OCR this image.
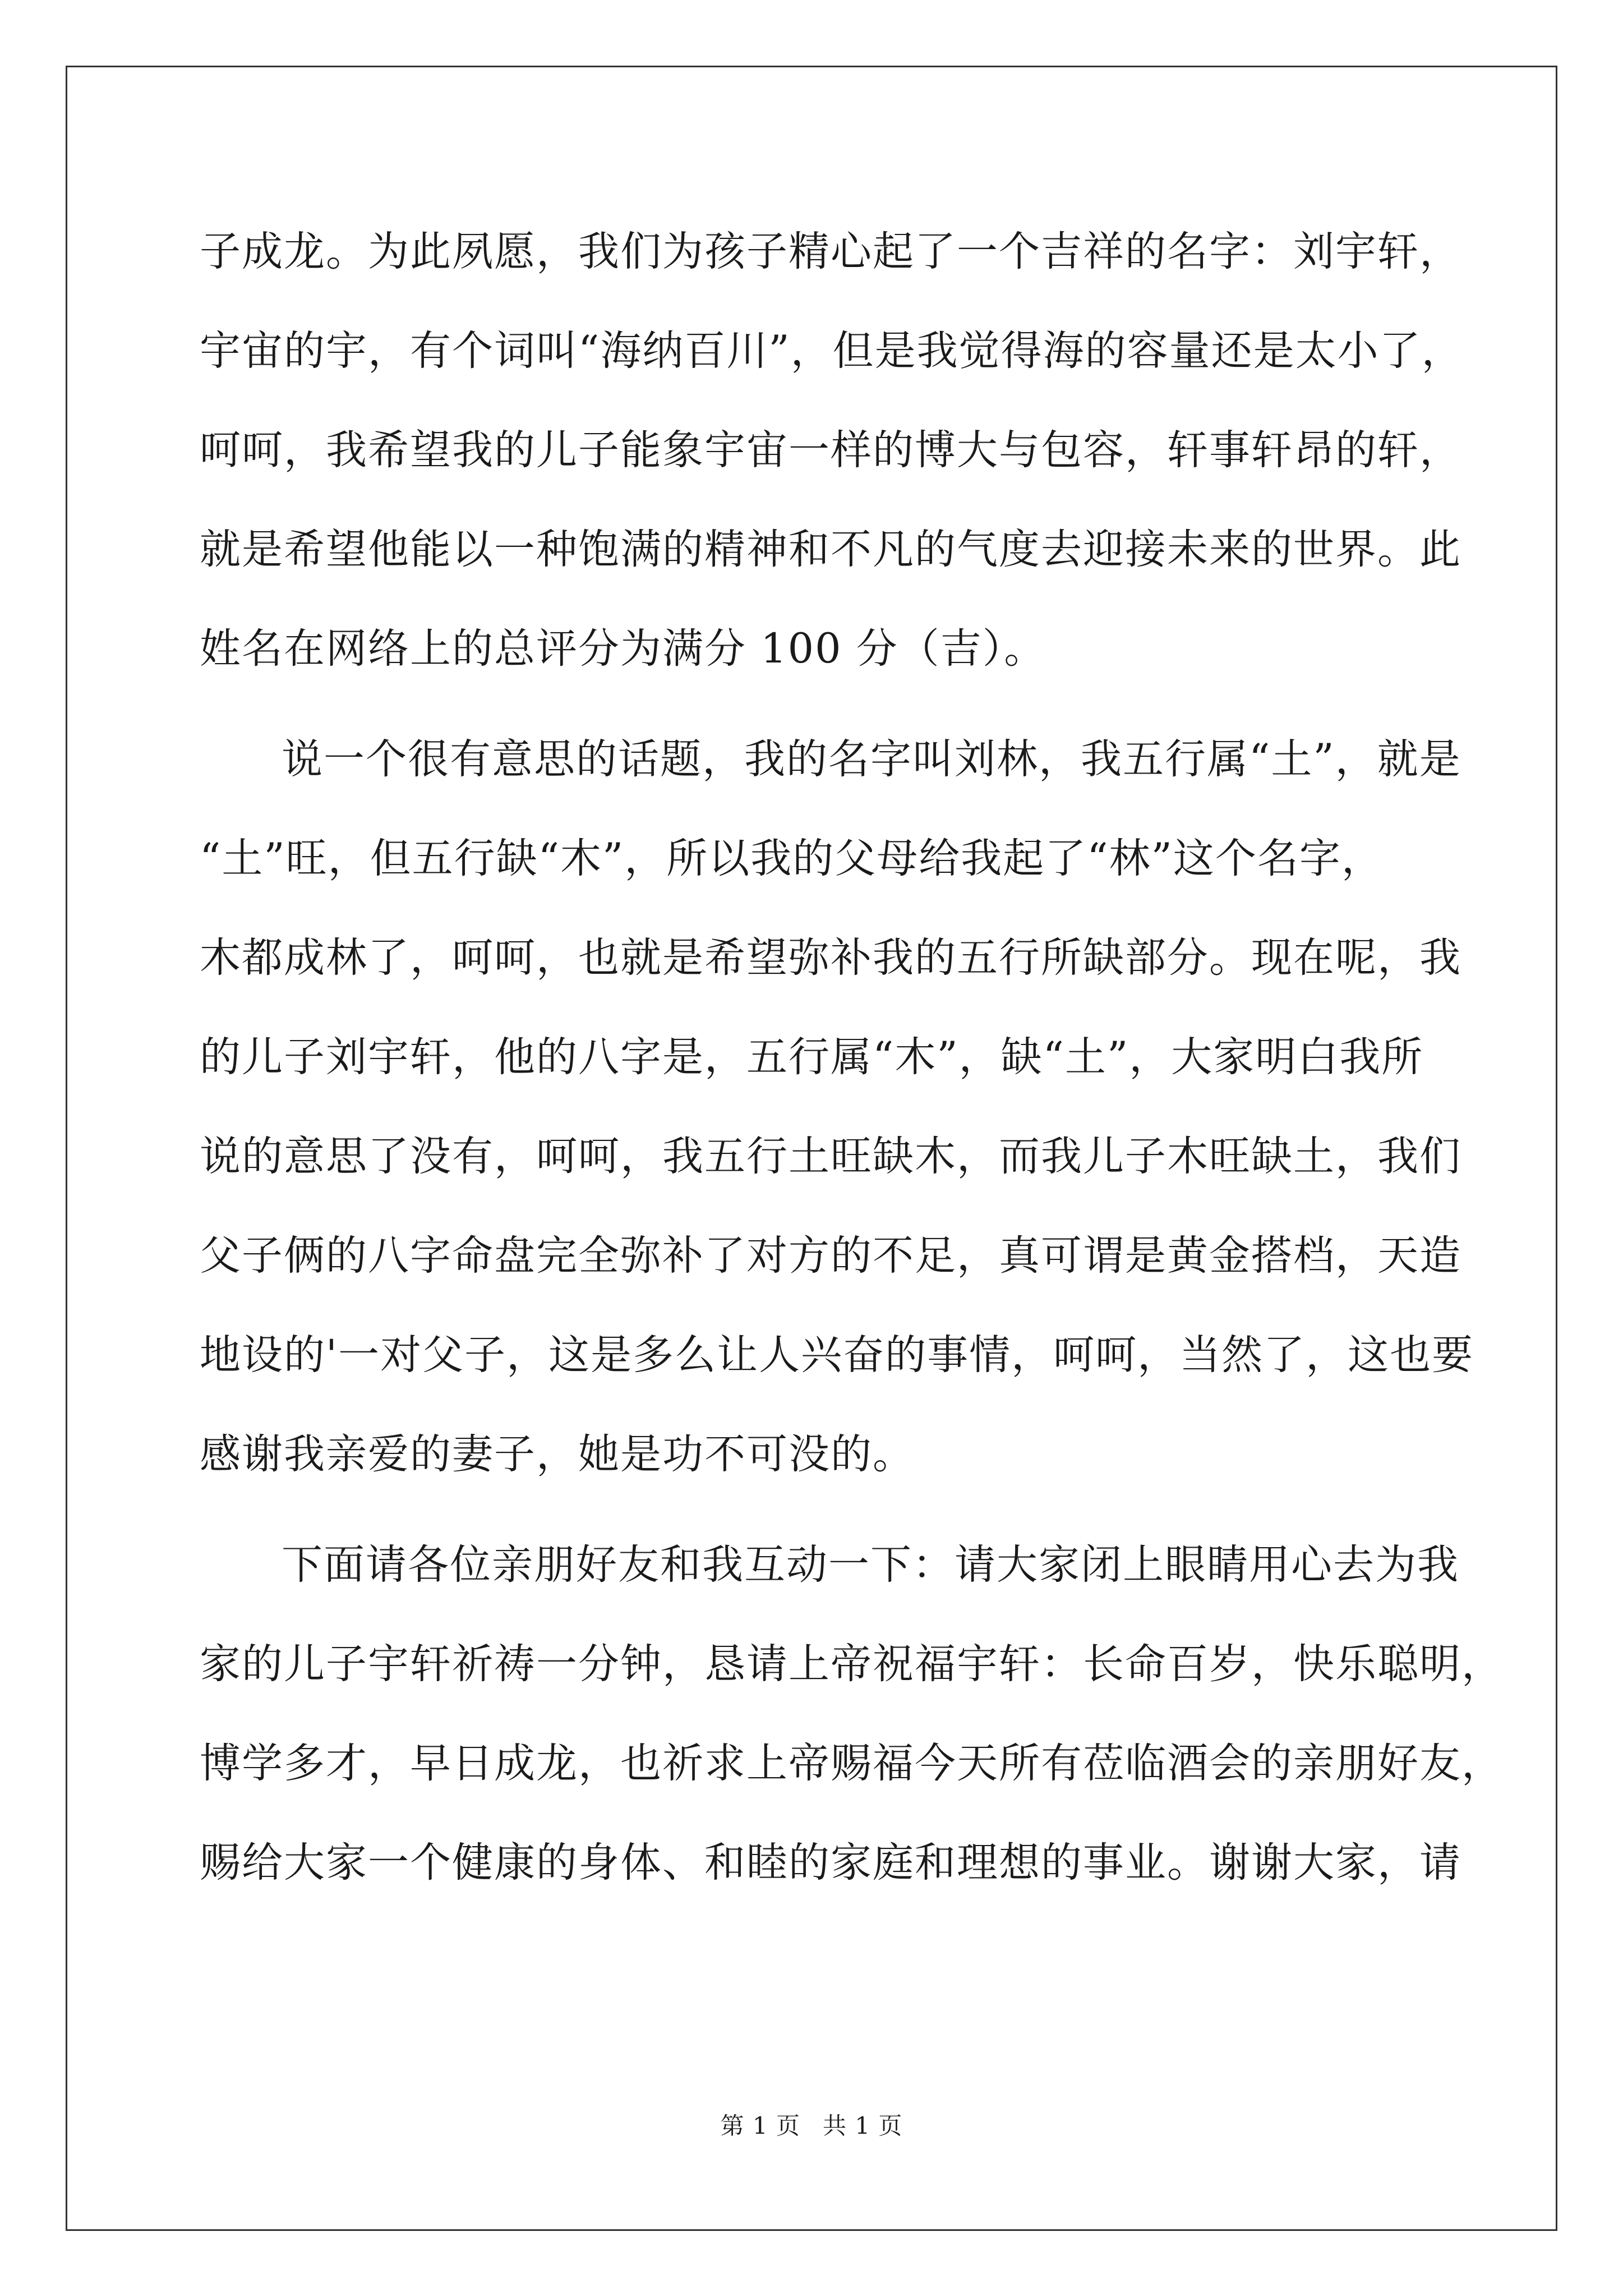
子成龙。为此夙愿，我们为孩子精心起了一个吉祥的名字：刘宇轩，
宇宙的宇，有个词叫“海纳百川”，但是我觉得海的容量还是太小了，
呵呵，我希望我的儿子能象宇宙一样的博大与包容，轩事轩昂的轩，
就是希望他能以一种饱满的精神和不凡的气度去迎接未来的世界。此
姓名在网络上的总评分为满分 100 分（吉）。
说一个很有意思的话题，我的名字叫刘林，我五行属“土”，就是
“土”旺，但五行缺“木”，所以我的父母给我起了“林”这个名字，
木都成林了，呵呵，也就是希望弥补我的五行所缺部分。现在呢，我
的儿子刘宇轩，他的八字是，五行属“木”，缺“土”，大家明白我所
说的意思了没有，呵呵，我五行土旺缺木，而我儿子木旺缺土，我们
父子俩的八字命盘完全弥补了对方的不足，真可谓是黄金搭档，天造
地设的'一对父子，这是多么让人兴奋的事情，呵呵，当然了，这也要
感谢我亲爱的妻子，她是功不可没的。
下面请各位亲朋好友和我互动一下：请大家闭上眼睛用心去为我
家的儿子宇轩祈祷一分钟，恳请上帝祝福宇轩：长命百岁，快乐聪明，
博学多才，早日成龙，也祈求上帝赐福今天所有莅临酒会的亲朋好友，
赐给大家一个健康的身体、和睦的家庭和理想的事业。谢谢大家，请
第 1 页 共 1 页
